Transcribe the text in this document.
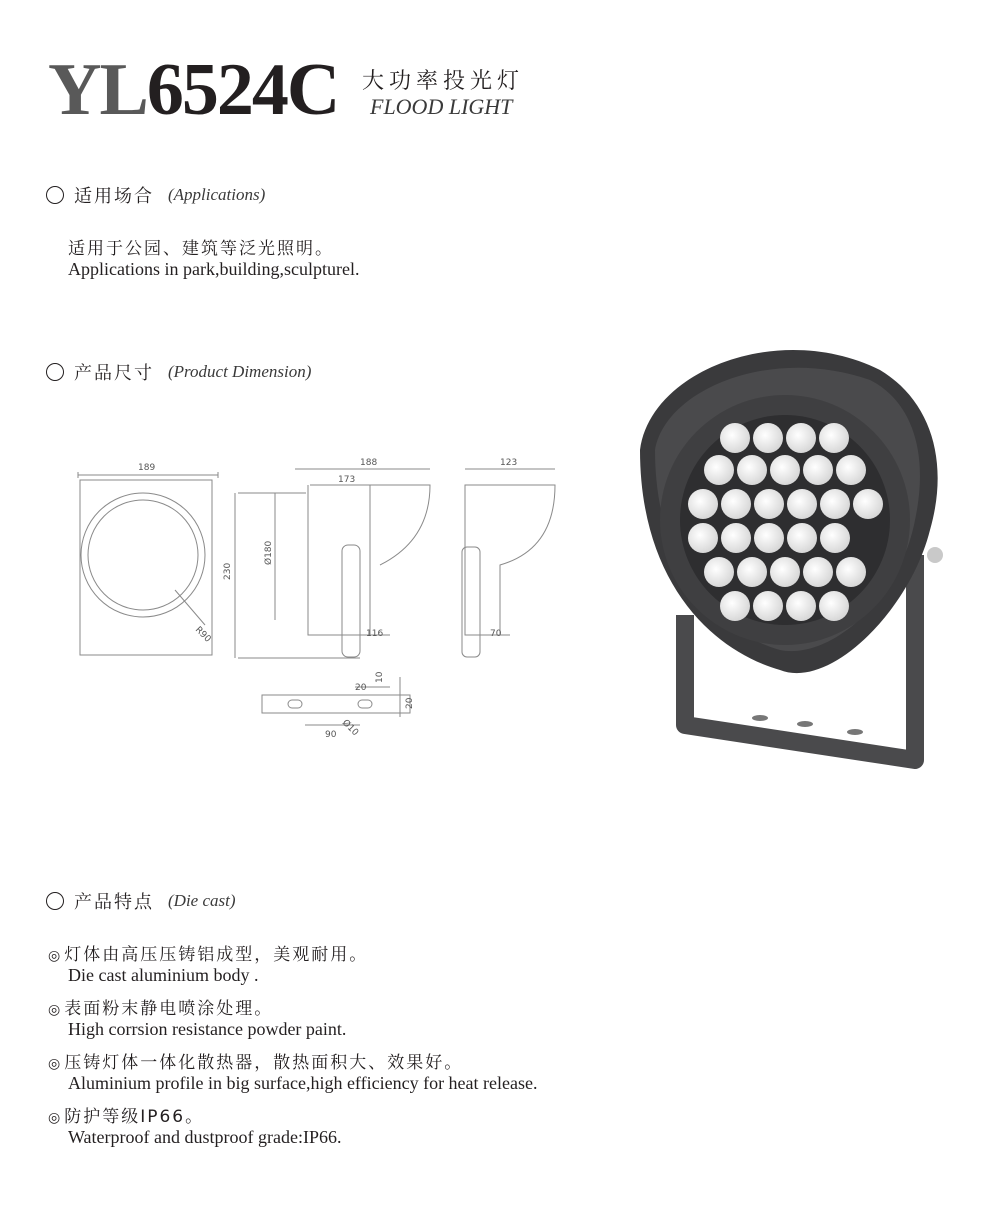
YL6524C 大功率投光灯
FLOOD LIGHT
适用场合 (Applications)
适用于公园、建筑等泛光照明。
Applications in park,building,sculpturel.
产品尺寸 (Product Dimension)
189	188
173
123
230
Ø180
R90	116	70
20
10
20
90 Ø10
产品特点 (Die cast)
◎ 灯体由高压压铸铝成型，美观耐用。
Die cast aluminium body .
◎ 表面粉末静电喷涂处理。
High corrsion resistance powder paint.
◎ 压铸灯体一体化散热器，散热面积大、效果好。
Aluminium profile in big surface,high efficiency for heat release.
◎ 防护等级IP66。
Waterproof and dustproof grade:IP66.
